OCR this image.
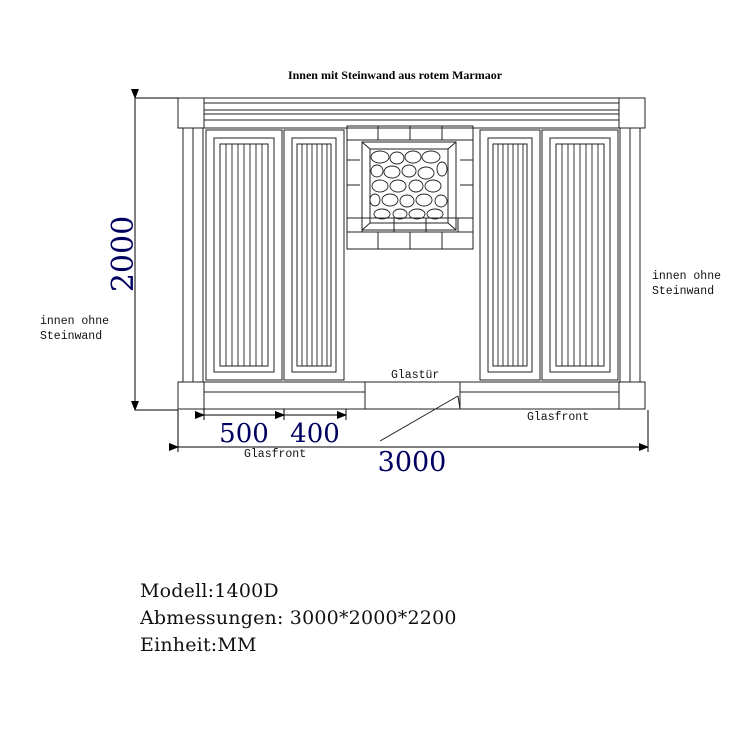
Innen mit Steinwand aus rotem Marmaor
2000
3000
500 400
innen ohne
Steinwand
innen ohne
Steinwand
Glastür
Glasfront
Glasfront
Modell:1400D
Abmessungen: 3000*2000*2200
Einheit:MM
